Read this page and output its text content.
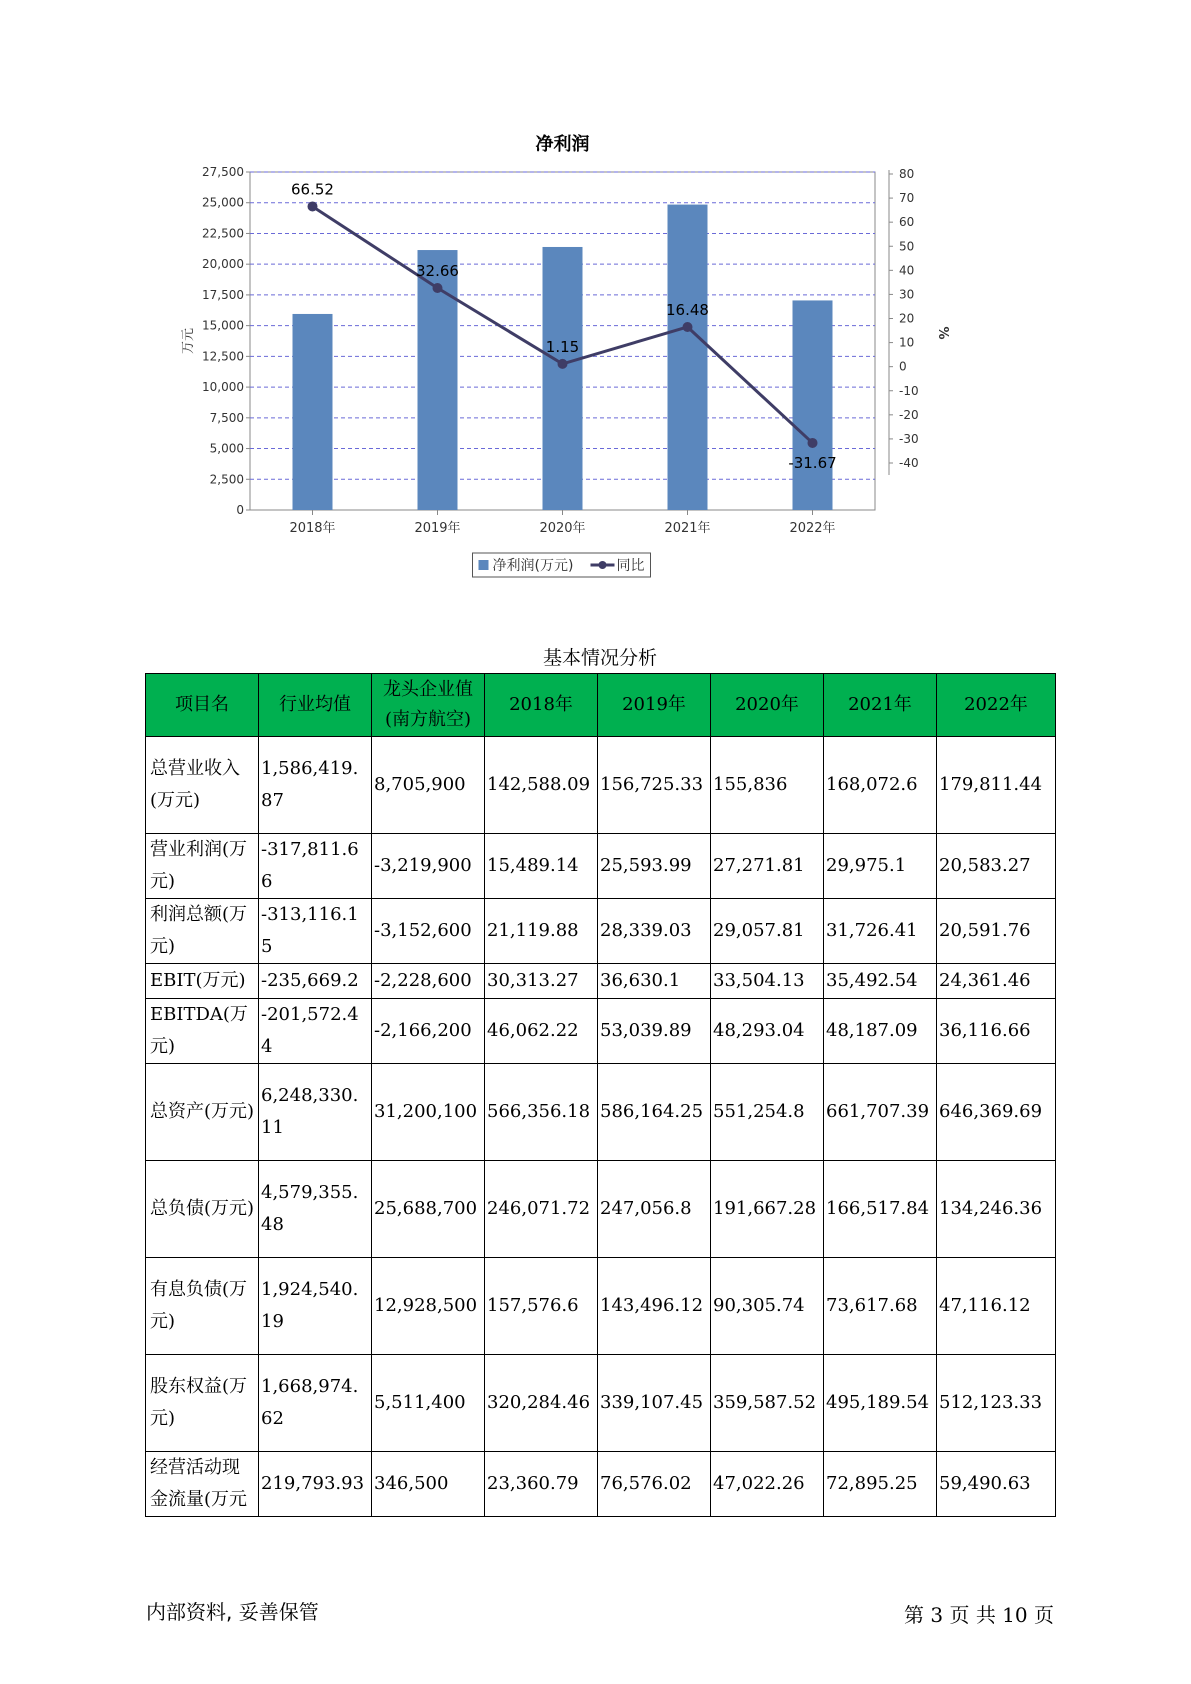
净利润
0
2,500
5,000
7,500
10,000
12,500
15,000
17,500
20,000
22,500
25,000
27,500
-40
-30
-20
-10
0
10
20
30
40
50
60
70
80
万元	%
2018年	2019年	2020年	2021年	2022年
66.52
32.66
1.15
16.48
-31.67
净利润(万元)	同比
基本情况分析
项目名	行业均值	龙头企业值(南方航空)	2018年	2019年	2020年	2021年	2022年
总营业收入(万元)	1,586,419.87	8,705,900	142,588.09	156,725.33	155,836	168,072.6	179,811.44
营业利润(万元)	-317,811.66	-3,219,900	15,489.14	25,593.99	27,271.81	29,975.1	20,583.27
利润总额(万元)	-313,116.15	-3,152,600	21,119.88	28,339.03	29,057.81	31,726.41	20,591.76
EBIT(万元)	-235,669.2	-2,228,600	30,313.27	36,630.1	33,504.13	35,492.54	24,361.46
EBITDA(万元)	-201,572.44	-2,166,200	46,062.22	53,039.89	48,293.04	48,187.09	36,116.66
总资产(万元)	6,248,330.11	31,200,100	566,356.18	586,164.25	551,254.8	661,707.39	646,369.69
总负债(万元)	4,579,355.48	25,688,700	246,071.72	247,056.8	191,667.28	166,517.84	134,246.36
有息负债(万元)	1,924,540.19	12,928,500	157,576.6	143,496.12	90,305.74	73,617.68	47,116.12
股东权益(万元)	1,668,974.62	5,511,400	320,284.46	339,107.45	359,587.52	495,189.54	512,123.33
经营活动现金流量(万元	219,793.93	346,500	23,360.79	76,576.02	47,022.26	72,895.25	59,490.63
内部资料, 妥善保管	第 3 页 共 10 页
